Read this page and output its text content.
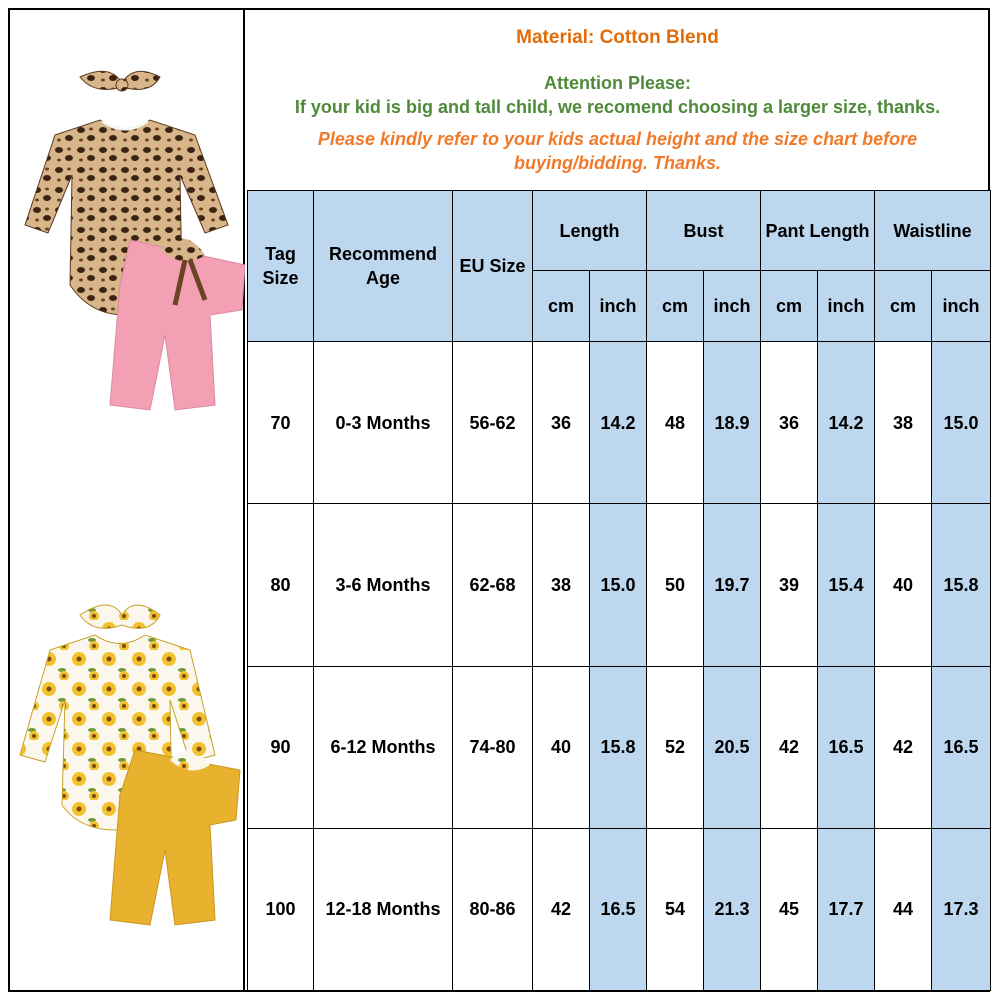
Material: Cotton Blend
Attention Please:
If your kid is big and tall child, we recomend choosing a larger size, thanks.
Please kindly refer to your kids actual height and the size chart before buying/bidding. Thanks.
Tag Size	Recommend Age	EU Size	Length		Bust		Pant Length		Waistline	
			cm	inch	cm	inch	cm	inch	cm	inch
70	0-3 Months	56-62	36	14.2	48	18.9	36	14.2	38	15.0
80	3-6 Months	62-68	38	15.0	50	19.7	39	15.4	40	15.8
90	6-12 Months	74-80	40	15.8	52	20.5	42	16.5	42	16.5
100	12-18 Months	80-86	42	16.5	54	21.3	45	17.7	44	17.3
